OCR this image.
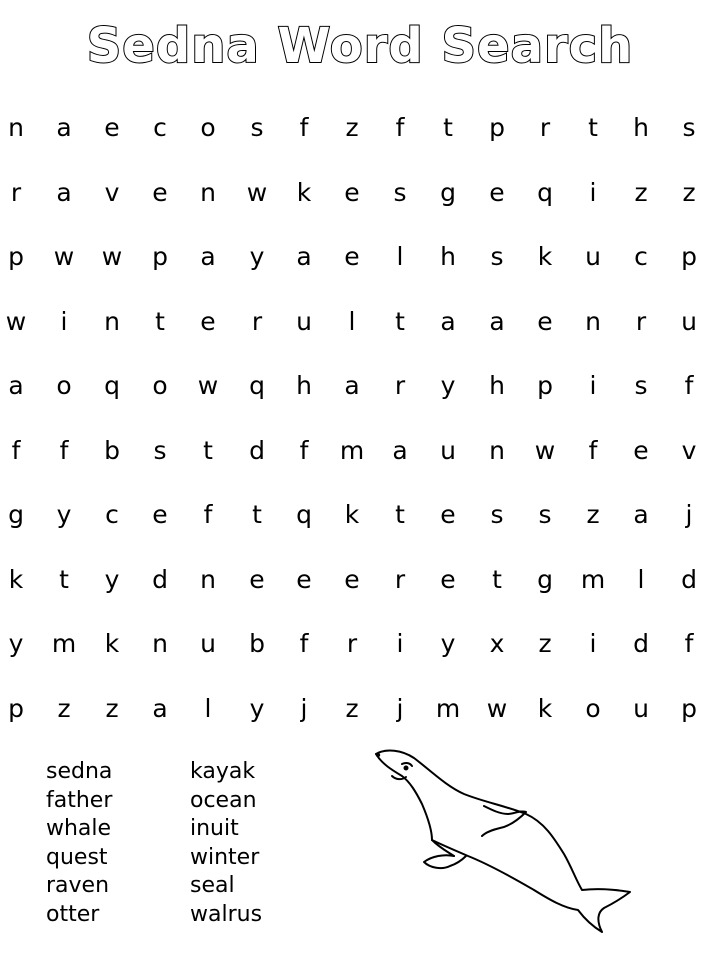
Sedna Word Search
n	a	e	c	o	s	f	z	f	t	p	r	t	h	s
r	a	v	e	n	w	k	e	s	g	e	q	i	z	z
p	w	w	p	a	y	a	e	l	h	s	k	u	c	p
w	i	n	t	e	r	u	l	t	a	a	e	n	r	u
a	o	q	o	w	q	h	a	r	y	h	p	i	s	f
f	f	b	s	t	d	f	m	a	u	n	w	f	e	v
g	y	c	e	f	t	q	k	t	e	s	s	z	a	j
k	t	y	d	n	e	e	e	r	e	t	g	m	l	d
y	m	k	n	u	b	f	r	i	y	x	z	i	d	f
p	z	z	a	l	y	j	z	j	m	w	k	o	u	p
sedna
father
whale
quest
raven
otter
kayak
ocean
inuit
winter
seal
walrus
